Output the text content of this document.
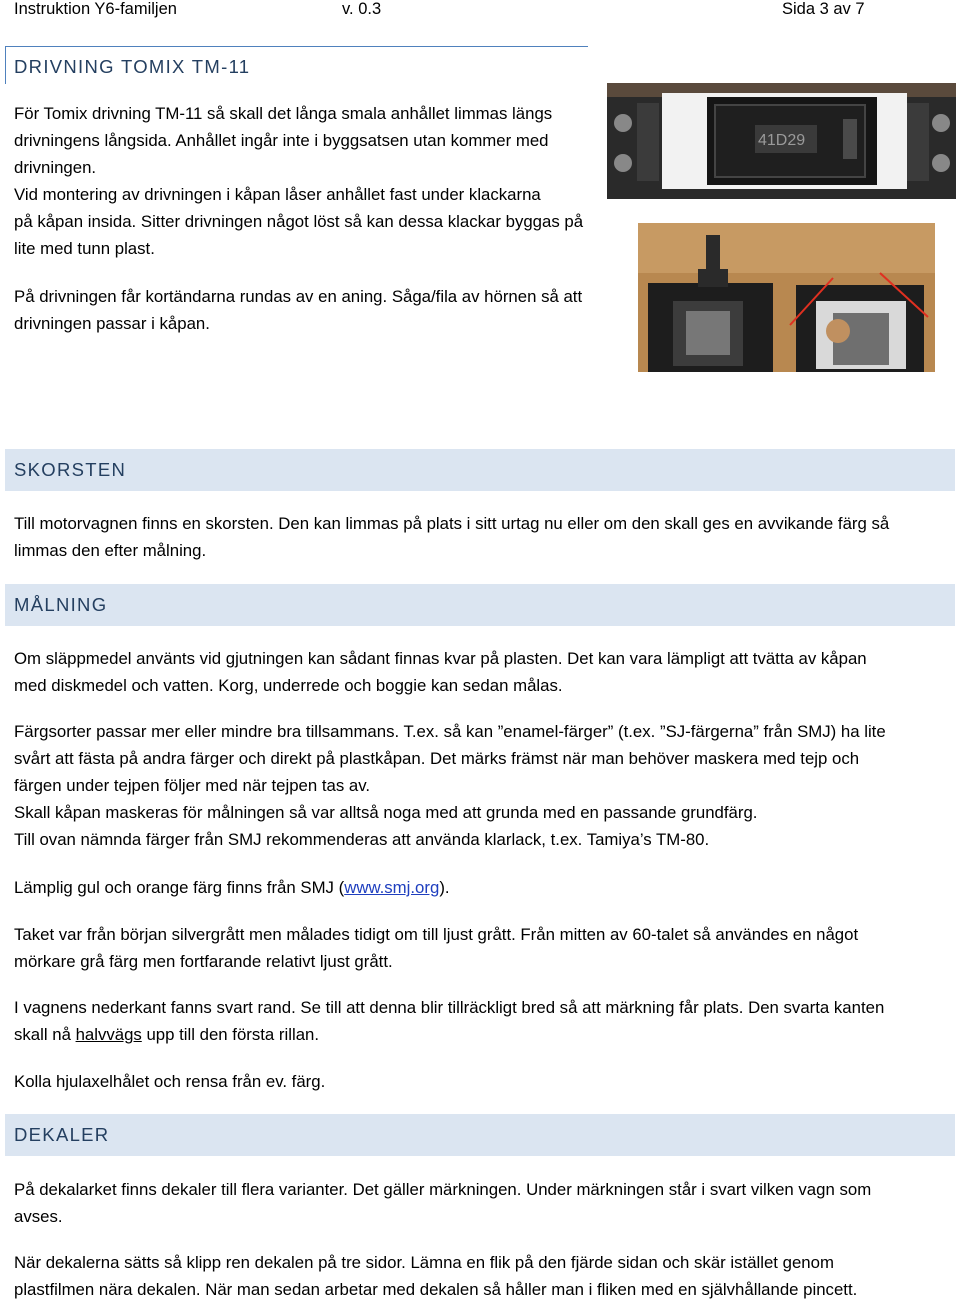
Instruktion Y6-familjen	v. 0.3	Sida 3 av 7
DRIVNING TOMIX TM-11

För Tomix drivning TM-11 så skall det långa smala anhållet limmas längs

drivningens långsida. Anhållet ingår inte i byggsatsen utan kommer med

drivningen.

Vid montering av drivningen i kåpan låser anhållet fast under klackarna

på kåpan insida. Sitter drivningen något löst så kan dessa klackar byggas på

lite med tunn plast.

På drivningen får kortändarna rundas av en aning. Såga/fila av hörnen så att

drivningen passar i kåpan.

41D29
SKORSTEN

Till motorvagnen finns en skorsten. Den kan limmas på plats i sitt urtag nu eller om den skall ges en avvikande färg så

limmas den efter målning.

MÅLNING

Om släppmedel använts vid gjutningen kan sådant finnas kvar på plasten. Det kan vara lämpligt att tvätta av kåpan

med diskmedel och vatten. Korg, underrede och boggie kan sedan målas.

Färgsorter passar mer eller mindre bra tillsammans. T.ex. så kan ”enamel-färger” (t.ex. ”SJ-färgerna” från SMJ) ha lite

svårt att fästa på andra färger och direkt på plastkåpan. Det märks främst när man behöver maskera med tejp och

färgen under tejpen följer med när tejpen tas av.

Skall kåpan maskeras för målningen så var alltså noga med att grunda med en passande grundfärg.

Till ovan nämnda färger från SMJ rekommenderas att använda klarlack, t.ex. Tamiya’s TM-80.

Lämplig gul och orange färg finns från SMJ (www.smj.org).

Taket var från början silvergrått men målades tidigt om till ljust grått. Från mitten av 60-talet så användes en något

mörkare grå färg men fortfarande relativt ljust grått.

I vagnens nederkant fanns svart rand. Se till att denna blir tillräckligt bred så att märkning får plats. Den svarta kanten

skall nå halvvägs upp till den första rillan.

Kolla hjulaxelhålet och rensa från ev. färg.

DEKALER

På dekalarket finns dekaler till flera varianter. Det gäller märkningen. Under märkningen står i svart vilken vagn som

avses.

När dekalerna sätts så klipp ren dekalen på tre sidor. Lämna en flik på den fjärde sidan och skär istället genom

plastfilmen nära dekalen. När man sedan arbetar med dekalen så håller man i fliken med en självhållande pincett.
